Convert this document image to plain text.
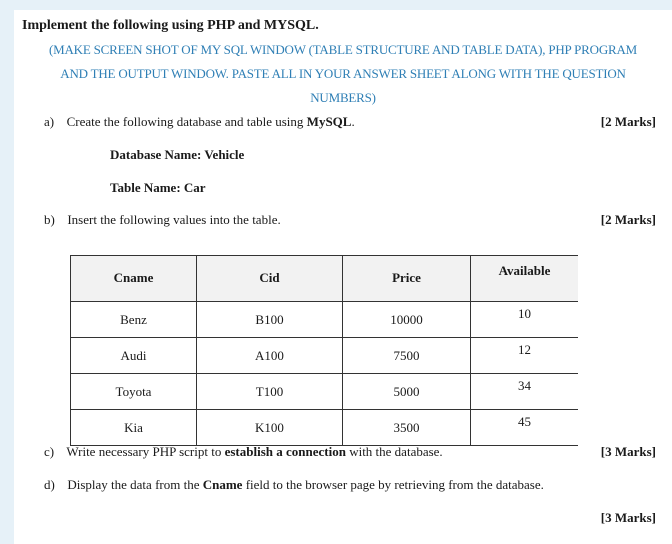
Implement the following using PHP and MYSQL.
(MAKE SCREEN SHOT OF MY SQL WINDOW (TABLE STRUCTURE AND TABLE DATA), PHP PROGRAM
AND THE OUTPUT WINDOW. PASTE ALL IN YOUR ANSWER SHEET ALONG WITH THE QUESTION
NUMBERS)
a) Create the following database and table using MySQL.	[2 Marks]
Database Name: Vehicle
Table Name: Car
b) Insert the following values into the table.	[2 Marks]
Cname	Cid	Price	Available
Benz	B100	10000	10
Audi	A100	7500	12
Toyota	T100	5000	34
Kia	K100	3500	45
c) Write necessary PHP script to establish a connection with the database.	[3 Marks]
d) Display the data from the Cname field to the browser page by retrieving from the database.
[3 Marks]
